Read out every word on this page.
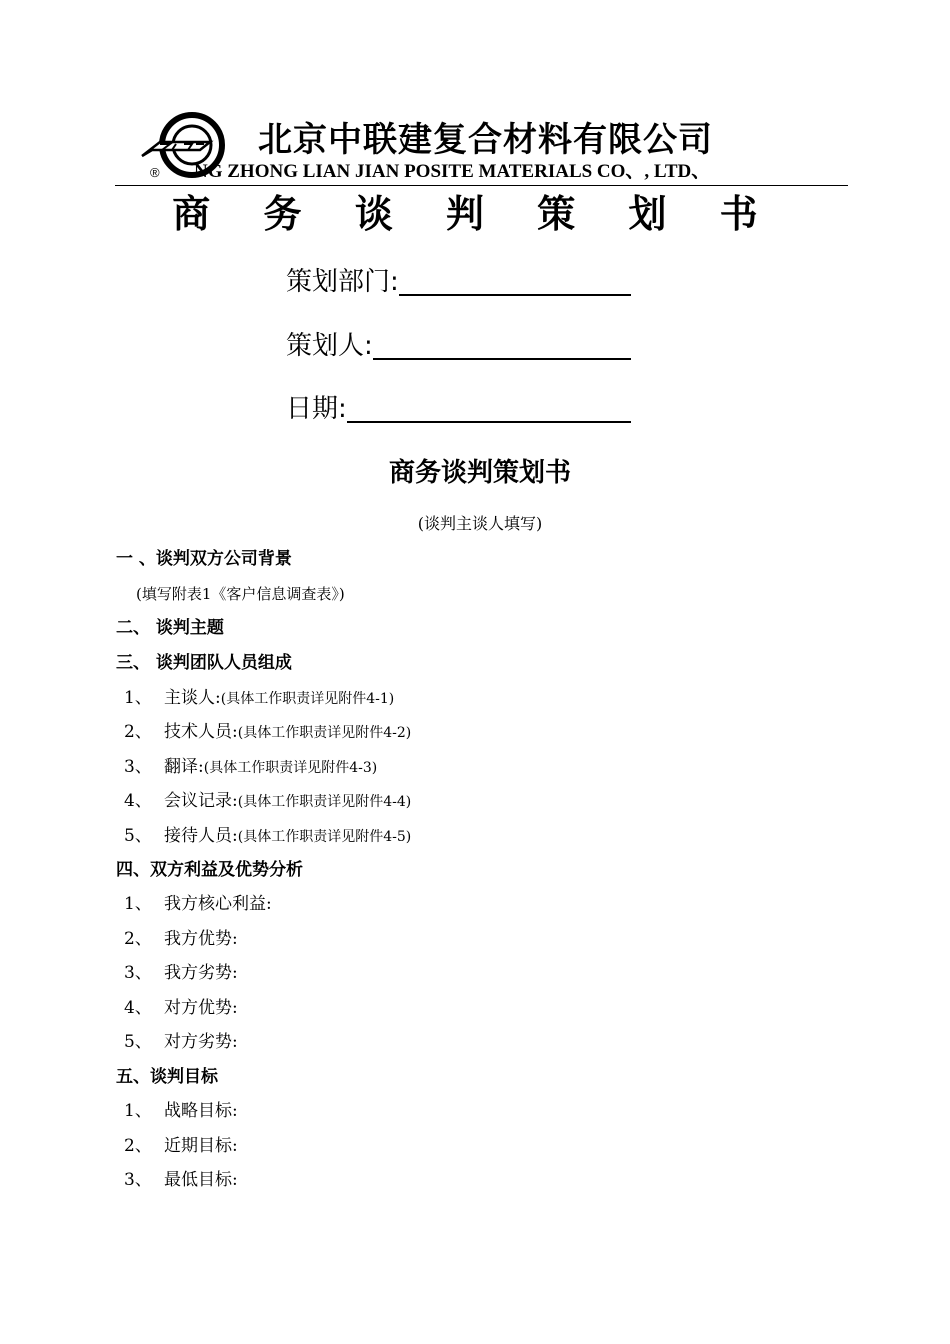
北京中联建复合材料有限公司
® NG ZHONG LIAN JIAN POSITE MATERIALS CO、, LTD、
商 务 谈 判 策 划 书
策划部门:
策划人:
日期:
商务谈判策划书
(谈判主谈人填写)
一 、谈判双方公司背景
(填写附表1《客户信息调查表》)
二、 谈判主题
三、 谈判团队人员组成
1、 主谈人:(具体工作职责详见附件4-1)
2、 技术人员:(具体工作职责详见附件4-2)
3、 翻译:(具体工作职责详见附件4-3)
4、 会议记录:(具体工作职责详见附件4-4)
5、 接待人员:(具体工作职责详见附件4-5)
四、双方利益及优势分析
1、 我方核心利益:
2、 我方优势:
3、 我方劣势:
4、 对方优势:
5、 对方劣势:
五、谈判目标
1、 战略目标:
2、 近期目标:
3、 最低目标:
